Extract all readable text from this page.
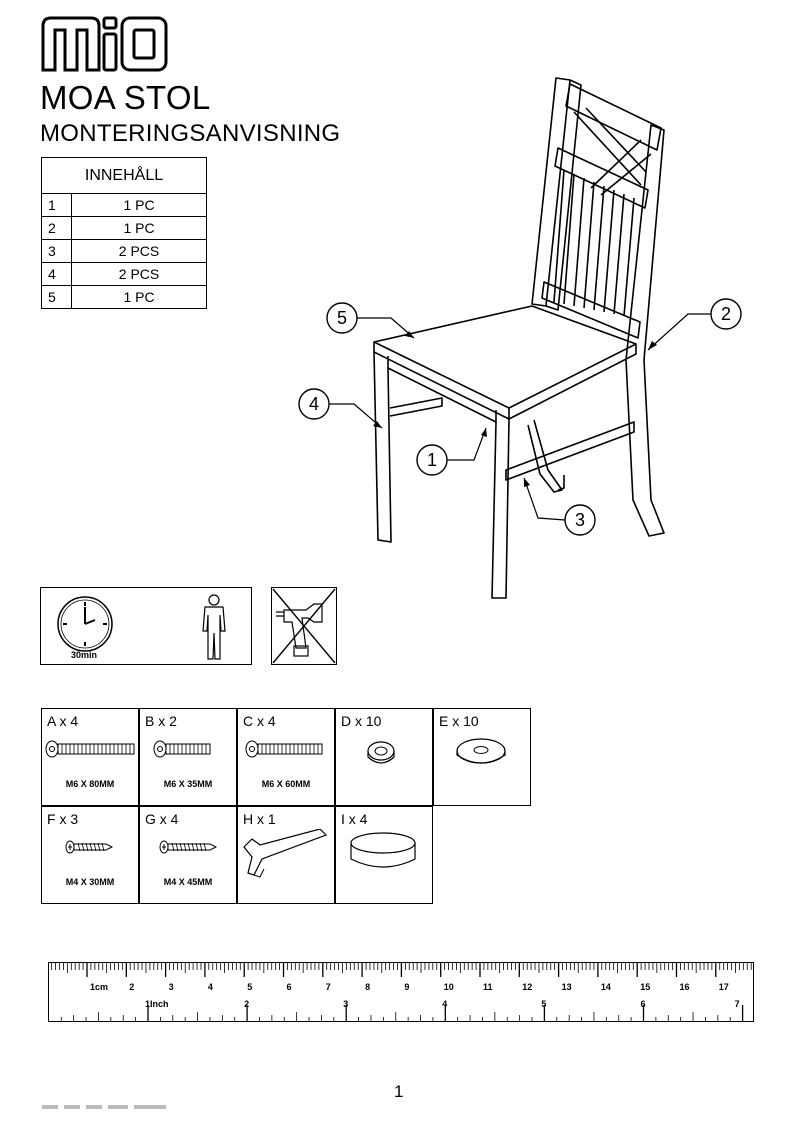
MOA STOL
MONTERINGSANVISNING
INNEHÅLL	
1	1 PC
2	1 PC
3	2 PCS
4	2 PCS
5	1 PC
5	2
4
1
3
30min
A x 4
M6 X 80MM
B x 2
M6 X 35MM
C x 4
M6 X 60MM
D x 10	E x 10
F x 3
M4 X 30MM
G x 4
M4 X 45MM
H x 1	I x 4
1cm 2	3	4	5	6	7	8	9	10	11	12	13	14	15	16	17
1Inch	2	3	4	5	6	7
1
